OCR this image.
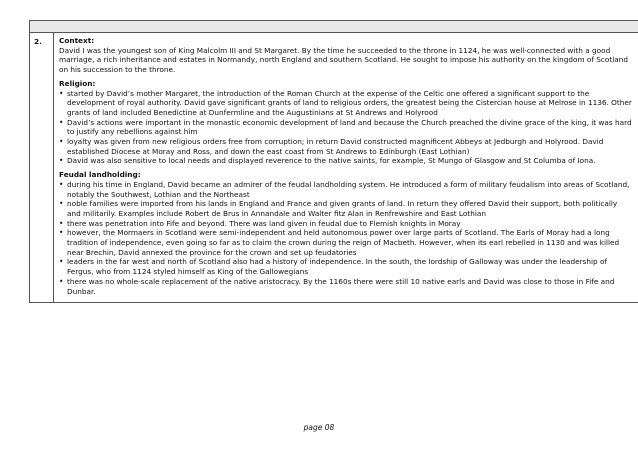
2.	Context:
David I was the youngest son of King Malcolm III and St Margaret. By the time he succeeded to the throne in 1124, he was well-connected with a good marriage, a rich inheritance and estates in Normandy, north England and southern Scotland. He sought to impose his authority on the kingdom of Scotland on his succession to the throne.
Religion:
• started by David’s mother Margaret, the introduction of the Roman Church at the expense of the Celtic one offered a significant support to the development of royal authority. David gave significant grants of land to religious orders, the greatest being the Cistercian house at Melrose in 1136. Other grants of land included Benedictine at Dunfermline and the Augustinians at St Andrews and Holyrood
• David’s actions were important in the monastic economic development of land and because the Church preached the divine grace of the king, it was hard to justify any rebellions against him
• loyalty was given from new religious orders free from corruption; in return David constructed magnificent Abbeys at Jedburgh and Holyrood. David established Diocese at Moray and Ross, and down the east coast from St Andrews to Edinburgh (East Lothian)
• David was also sensitive to local needs and displayed reverence to the native saints, for example, St Mungo of Glasgow and St Columba of Iona.
Feudal landholding:
• during his time in England, David became an admirer of the feudal landholding system. He introduced a form of military feudalism into areas of Scotland, notably the Southwest, Lothian and the Northeast
• noble families were imported from his lands in England and France and given grants of land. In return they offered David their support, both politically and militarily. Examples include Robert de Brus in Annandale and Walter fitz Alan in Renfrewshire and East Lothian
• there was penetration into Fife and beyond. There was land given in feudal due to Flemish knights in Moray
• however, the Mormaers in Scotland were semi-independent and held autonomous power over large parts of Scotland. The Earls of Moray had a long tradition of independence, even going so far as to claim the crown during the reign of Macbeth. However, when its earl rebelled in 1130 and was killed near Brechin, David annexed the province for the crown and set up feudatories
• leaders in the far west and north of Scotland also had a history of independence. In the south, the lordship of Galloway was under the leadership of Fergus, who from 1124 styled himself as King of the Gallowegians
• there was no whole-scale replacement of the native aristocracy. By the 1160s there were still 10 native earls and David was close to those in Fife and Dunbar.
page 08
